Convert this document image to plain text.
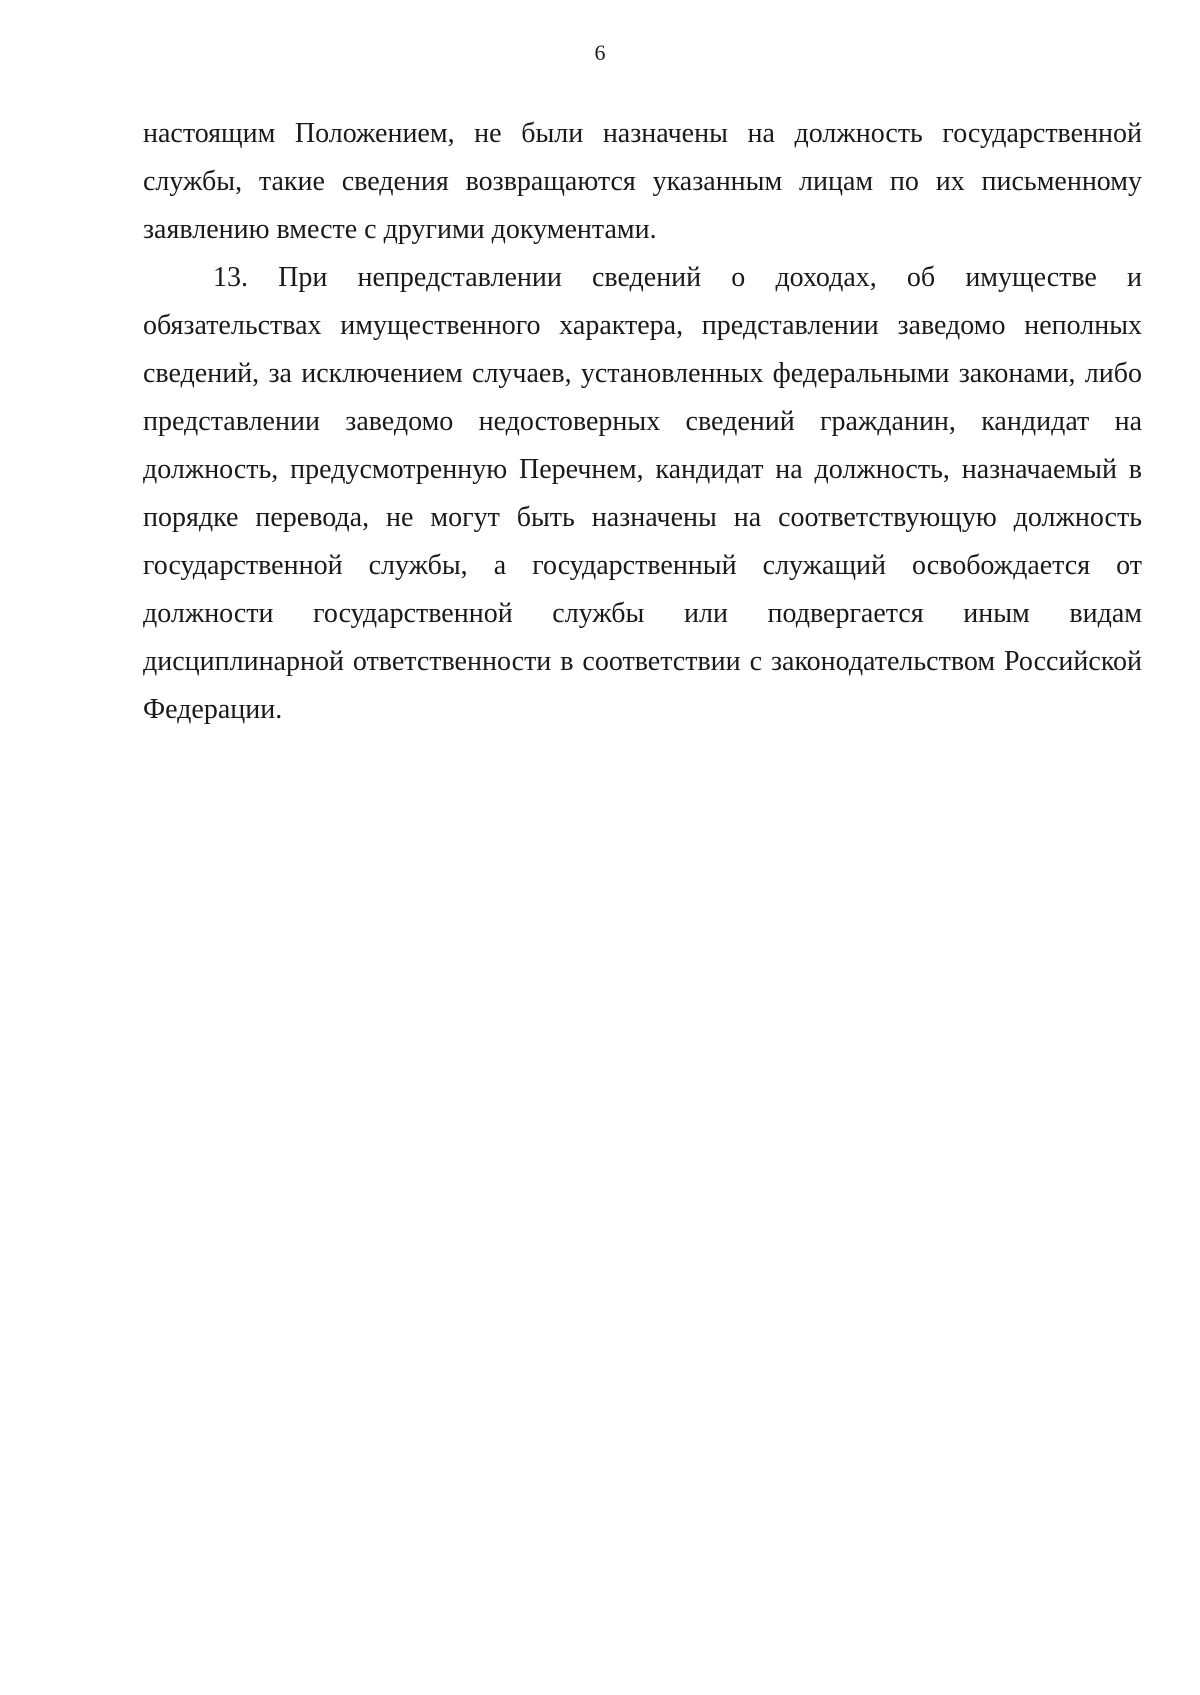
6

настоящим Положением, не были назначены на должность государственной службы, такие сведения возвращаются указанным лицам по их письменному заявлению вместе с другими документами.

13. При непредставлении сведений о доходах, об имуществе и обязательствах имущественного характера, представлении заведомо неполных сведений, за исключением случаев, установленных федеральными законами, либо представлении заведомо недостоверных сведений гражданин, кандидат на должность, предусмотренную Перечнем, кандидат на должность, назначаемый в порядке перевода, не могут быть назначены на соответствующую должность государственной службы, а государственный служащий освобождается от должности государственной службы или подвергается иным видам дисциплинарной ответственности в соответствии с законодательством Российской Федерации.
